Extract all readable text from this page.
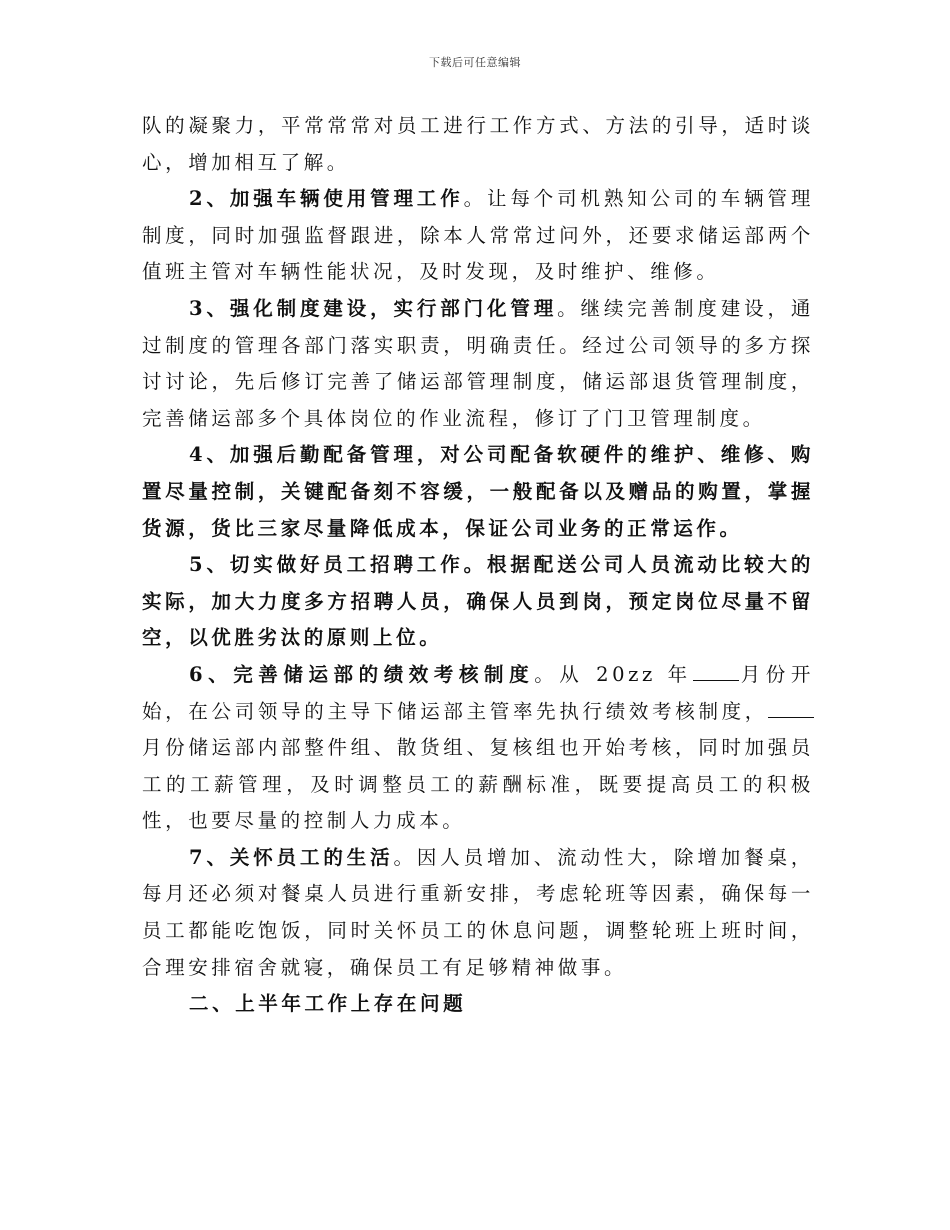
下载后可任意编辑

队的凝聚力，平常常常对员工进行工作方式、方法的引导，适时谈心，增加相互了解。

2、加强车辆使用管理工作。让每个司机熟知公司的车辆管理制度，同时加强监督跟进，除本人常常过问外，还要求储运部两个值班主管对车辆性能状况，及时发现，及时维护、维修。

3、强化制度建设，实行部门化管理。继续完善制度建设，通过制度的管理各部门落实职责，明确责任。经过公司领导的多方探讨讨论，先后修订完善了储运部管理制度，储运部退货管理制度，完善储运部多个具体岗位的作业流程，修订了门卫管理制度。

4、加强后勤配备管理，对公司配备软硬件的维护、维修、购置尽量控制，关键配备刻不容缓，一般配备以及赠品的购置，掌握货源，货比三家尽量降低成本，保证公司业务的正常运作。

5、切实做好员工招聘工作。根据配送公司人员流动比较大的实际，加大力度多方招聘人员，确保人员到岗，预定岗位尽量不留空，以优胜劣汰的原则上位。

6、完善储运部的绩效考核制度。从 20zz 年 月份开始，在公司领导的主导下储运部主管率先执行绩效考核制度，月份储运部内部整件组、散货组、复核组也开始考核，同时加强员工的工薪管理，及时调整员工的薪酬标准，既要提高员工的积极性，也要尽量的控制人力成本。

7、关怀员工的生活。因人员增加、流动性大，除增加餐桌，每月还必须对餐桌人员进行重新安排，考虑轮班等因素，确保每一员工都能吃饱饭，同时关怀员工的休息问题，调整轮班上班时间，合理安排宿舍就寝，确保员工有足够精神做事。

二、上半年工作上存在问题
